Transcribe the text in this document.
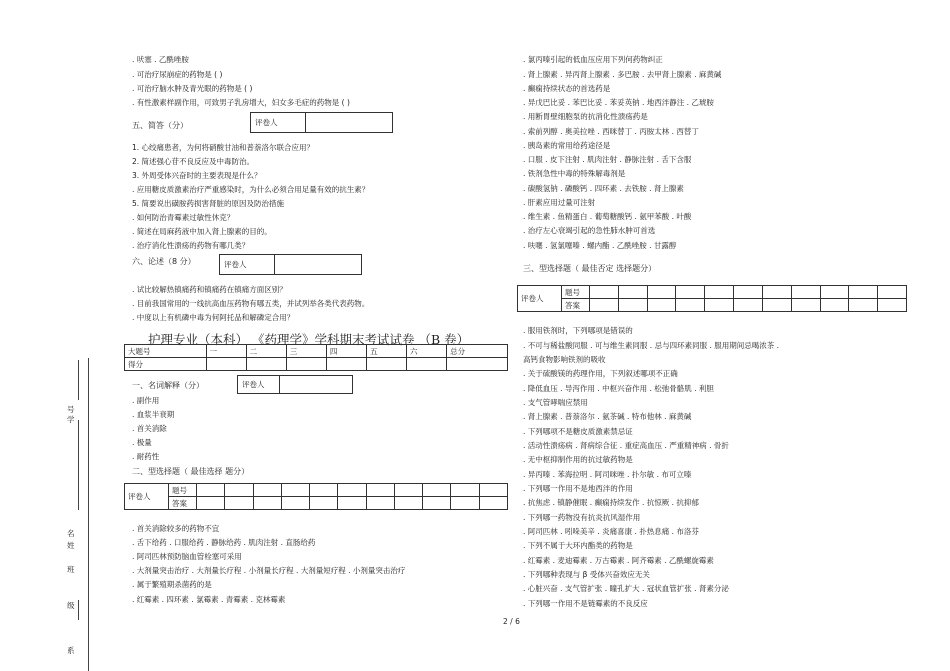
. 吠塞 . 乙酰唑胺
. 可治疗尿崩症的药物是 ( )
. 可治疗脑水肿及青光眼的药物是 ( )
. 有性激素样副作用，可致男子乳房增大，妇女多毛症的药物是 ( )
五、简答（分）
1. 心绞痛患者，为何将硝酸甘油和普萘洛尔联合应用？
2. 简述强心苷不良反应及中毒防治。
3. 外周受体兴奋时的主要表现是什么？
. 应用糖皮质激素治疗严重感染时，为什么必须合用足量有效的抗生素？
5. 简要说出磺胺药损害肾脏的原因及防治措施
. 如何防治青霉素过敏性休克？
. 简述在局麻药液中加入肾上腺素的目的。
. 治疗消化性溃疡的药物有哪几类？
六、论述（8 分）
. 试比较解热镇痛药和镇痛药在镇痛方面区别？
. 目前我国常用的一线抗高血压药物有哪五类，并试列举各类代表药物。
. 中度以上有机磷中毒为何阿托品和解磷定合用？
一、名词解释（分）
. 副作用
. 血浆半衰期
. 首关消除
. 极量
. 耐药性
二、型选择题（ 最佳选择 题分）
. 首关消除较多的药物不宜
. 舌下给药 . 口服给药 . 静脉给药 . 肌肉注射 . 直肠给药
. 阿司匹林预防脑血管栓塞可采用
. 大剂量突击治疗 . 大剂量长疗程 . 小剂量长疗程 . 大剂量短疗程 . 小剂量突击治疗
. 属于繁殖期杀菌药的是
. 红霉素 . 四环素 . 氯霉素 . 青霉素 . 克林霉素
评卷人
评卷人
评卷人
护理专业（本科） 《药理学》学科期末考试试卷 （B 卷）
大题号	一	二	三	四	五	六	总分
得分							
评卷人	题号											
	答案											
. 氯丙嗪引起的低血压应用下列何药物纠正
. 肾上腺素 . 异丙肾上腺素 . 多巴胺 . 去甲肾上腺素 . 麻黄碱
. 癫痫持续状态的首选药是
. 异戊巴比妥 . 苯巴比妥 . 苯妥英钠 . 地西泮静注 . 乙琥胺
. 用断胃壁细胞泵的抗消化性溃疡药是
. 索前列醇 . 奥美拉唑 . 西咪替丁 . 丙胺太林 . 西替丁
. 胰岛素的常用给药途径是
. 口服 . 皮下注射 . 肌肉注射 . 静脉注射 . 舌下含服
. 铁剂急性中毒的特殊解毒剂是
. 碳酸氢钠 . 磷酸钙 . 四环素 . 去铁胺 . 肾上腺素
. 肝素应用过量可注射
. 维生素 . 鱼精蛋白 . 葡萄糖酸钙 . 氨甲苯酸 . 叶酸
. 治疗左心衰竭引起的急性肺水肿可首选
. 呋噻 . 氢氯噻嗪 . 螺内酯 . 乙酰唑胺 . 甘露醇
三、型选择题（ 最佳否定 选择题分）
. 服用铁剂时，下列哪项是错误的
. 不可与稀盐酸同服 . 可与维生素同服 . 忌与四环素同服 . 服用期间忌喝浓茶 .
高钙食物影响铁剂的吸收
. 关于硫酸镁的药理作用，下列叙述哪项不正确
. 降低血压 . 导泻作用 . 中枢兴奋作用 . 松弛骨骼肌 . 利胆
. 支气管哮喘应禁用
. 肾上腺素 . 普萘洛尔 . 氨茶碱 . 特布他林 . 麻黄碱
. 下列哪项不是糖皮质激素禁忌证
. 活动性溃疡病 . 肾病综合征 . 重症高血压 . 严重精神病 . 骨折
. 无中枢抑制作用的抗过敏药物是
. 异丙嗪 . 苯海拉明 . 阿司咪唑 . 扑尔敏 . 布可立嗪
. 下列哪一作用不是地西泮的作用
. 抗焦虑 . 镇静催眠 . 癫痫持续发作 . 抗惊厥 . 抗抑郁
. 下列哪一药物没有抗炎抗风湿作用
. 阿司匹林 . 吲哚美辛 . 炎痛喜康 . 扑热息痛 . 布洛芬
. 下列不属于大环内酯类的药物是
. 红霉素 . 麦迪霉素 . 万古霉素 . 阿齐霉素 . 乙酰螺旋霉素
. 下列哪种表现与 β 受体兴奋效应无关
. 心脏兴奋 . 支气管扩张 . 瞳孔扩大 . 冠状血管扩张 . 肾素分泌
. 下列哪一作用不是链霉素的不良反应
评卷人	题号											
	答案											
号
学
名
姓
班
级
系
2 / 6
